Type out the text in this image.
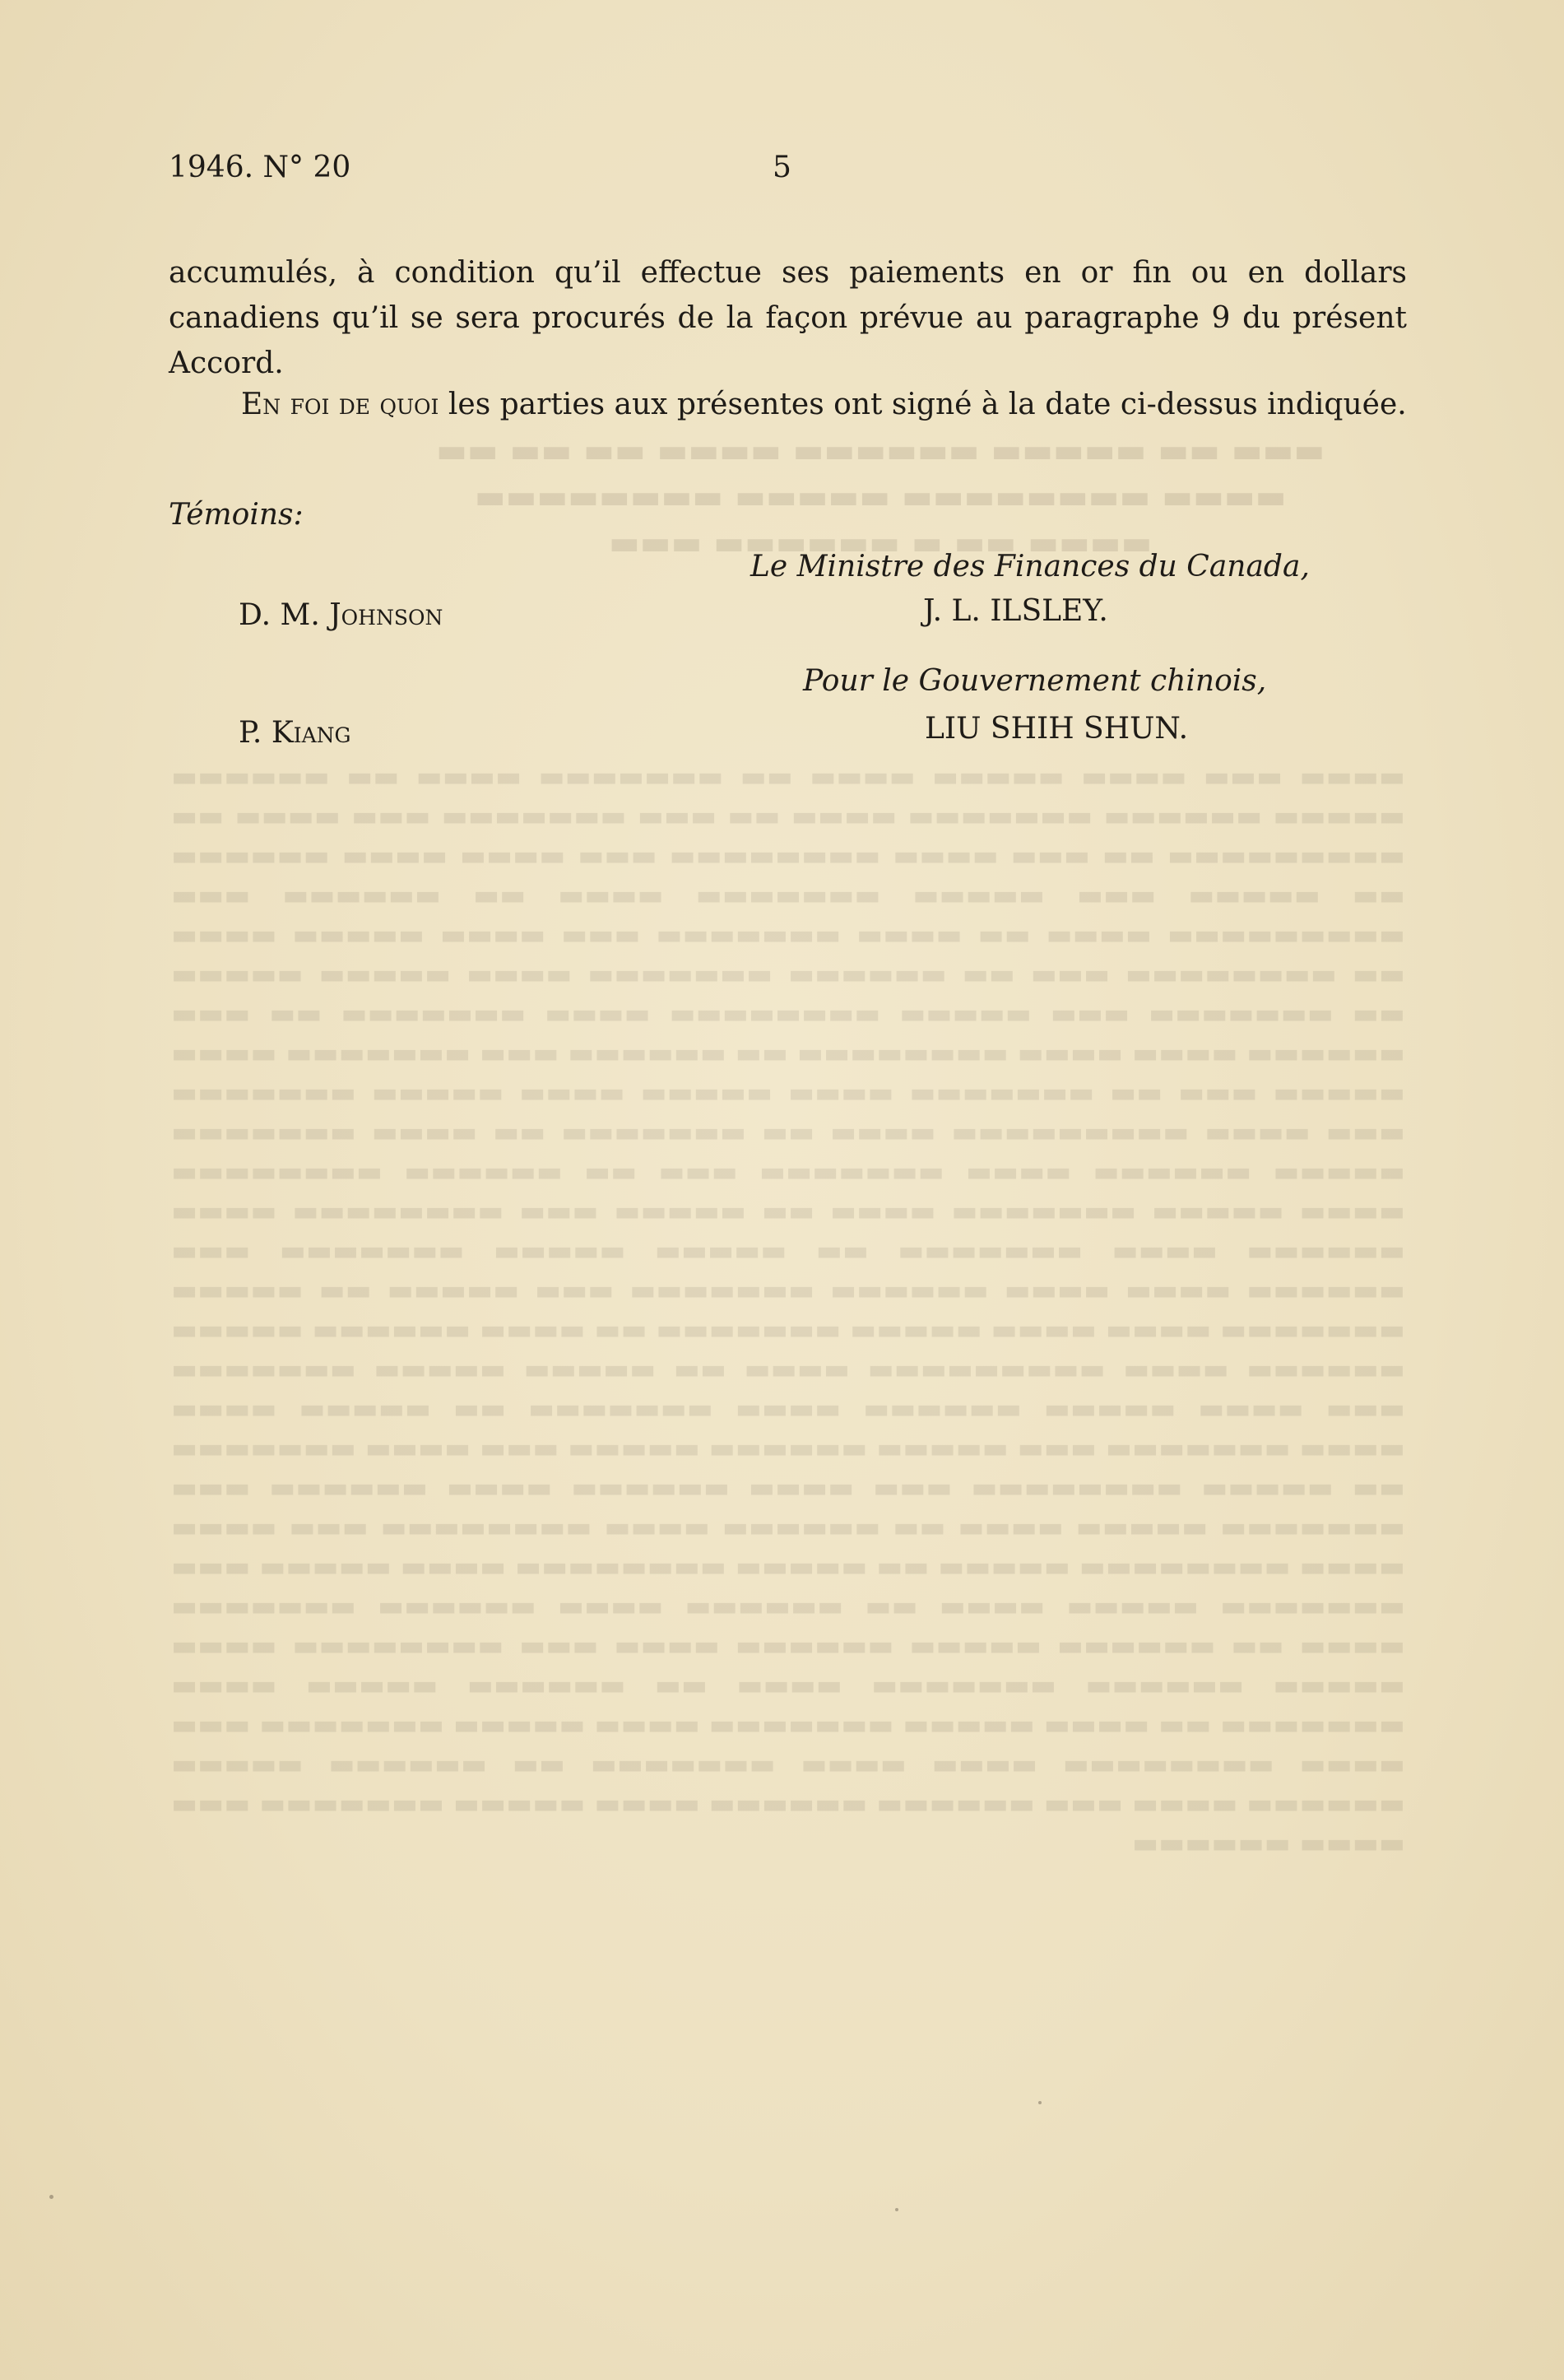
▬▬▬ ▬▬ ▬▬▬▬▬ ▬▬▬▬▬▬ ▬▬▬▬ ▬▬ ▬▬ ▬▬
▬▬▬▬ ▬▬▬▬▬▬▬▬ ▬▬▬▬▬ ▬▬▬▬▬▬▬▬
▬▬▬▬ ▬▬ ▬ ▬▬▬▬▬▬ ▬▬▬
▬▬▬▬ ▬▬▬ ▬▬▬▬ ▬▬▬▬▬ ▬▬▬▬ ▬▬ ▬▬▬▬▬▬▬ ▬▬▬▬ ▬▬ ▬▬▬▬▬▬ ▬▬▬▬▬ ▬▬▬▬▬▬ ▬▬▬▬▬▬▬ ▬▬▬▬ ▬▬ ▬▬▬ ▬▬▬▬▬▬▬ ▬▬▬ ▬▬▬▬ ▬▬ ▬▬▬▬▬▬▬▬▬ ▬▬ ▬▬▬ ▬▬▬▬ ▬▬▬▬▬▬▬▬ ▬▬▬ ▬▬▬▬ ▬▬▬▬ ▬▬▬▬▬▬ ▬▬ ▬▬▬▬▬ ▬▬▬ ▬▬▬▬▬ ▬▬▬▬▬▬▬ ▬▬▬▬ ▬▬ ▬▬▬▬▬▬ ▬▬▬ ▬▬▬▬▬▬▬▬▬ ▬▬▬▬ ▬▬ ▬▬▬▬ ▬▬▬▬▬▬▬ ▬▬▬ ▬▬▬▬ ▬▬▬▬▬ ▬▬▬▬ ▬▬ ▬▬▬▬▬▬▬▬ ▬▬▬ ▬▬ ▬▬▬▬▬▬ ▬▬▬▬▬▬▬ ▬▬▬▬ ▬▬▬▬▬ ▬▬▬▬▬ ▬▬ ▬▬▬▬▬▬▬ ▬▬▬ ▬▬▬▬▬ ▬▬▬▬▬▬▬▬ ▬▬▬▬ ▬▬▬▬▬▬▬ ▬▬ ▬▬▬ ▬▬▬▬▬▬ ▬▬▬▬ ▬▬▬▬ ▬▬▬▬▬▬▬▬ ▬▬ ▬▬▬▬▬▬ ▬▬▬ ▬▬▬▬▬▬▬ ▬▬▬▬ ▬▬▬▬▬ ▬▬▬ ▬▬ ▬▬▬▬▬▬▬ ▬▬▬▬ ▬▬▬▬▬ ▬▬▬▬ ▬▬▬▬▬ ▬▬▬▬▬▬▬ ▬▬▬ ▬▬▬▬ ▬▬▬▬▬▬▬▬▬ ▬▬▬▬ ▬▬ ▬▬▬▬▬▬▬ ▬▬ ▬▬▬▬ ▬▬▬▬▬▬▬ ▬▬▬▬▬ ▬▬▬▬▬▬ ▬▬▬▬ ▬▬▬▬▬▬▬ ▬▬▬ ▬▬ ▬▬▬▬▬▬ ▬▬▬▬▬▬▬▬ ▬▬▬▬ ▬▬▬▬▬ ▬▬▬▬▬▬▬ ▬▬▬▬ ▬▬ ▬▬▬▬▬ ▬▬▬ ▬▬▬▬▬▬▬▬ ▬▬▬▬ ▬▬▬▬▬▬ ▬▬▬▬ ▬▬▬▬▬▬▬ ▬▬ ▬▬▬▬▬ ▬▬▬▬▬ ▬▬▬▬▬▬▬ ▬▬▬ ▬▬▬▬▬▬ ▬▬▬▬ ▬▬▬▬ ▬▬▬▬▬▬ ▬▬▬▬▬▬▬ ▬▬▬ ▬▬▬▬▬ ▬▬ ▬▬▬▬▬ ▬▬▬▬▬▬▬ ▬▬▬▬ ▬▬▬▬ ▬▬▬▬▬ ▬▬▬▬▬▬▬ ▬▬ ▬▬▬▬ ▬▬▬▬▬▬ ▬▬▬▬▬ ▬▬▬▬▬▬ ▬▬▬▬ ▬▬▬▬▬▬▬▬▬ ▬▬▬▬ ▬▬ ▬▬▬▬▬ ▬▬▬▬▬ ▬▬▬▬▬▬▬ ▬▬▬ ▬▬▬▬ ▬▬▬▬▬ ▬▬▬▬▬▬ ▬▬▬▬ ▬▬▬▬▬▬▬ ▬▬ ▬▬▬▬▬ ▬▬▬▬ ▬▬▬▬ ▬▬▬▬▬▬▬ ▬▬▬ ▬▬▬▬▬ ▬▬▬▬▬▬ ▬▬▬▬▬ ▬▬▬ ▬▬▬▬ ▬▬▬▬▬▬▬ ▬▬ ▬▬▬▬▬ ▬▬▬▬▬▬▬▬ ▬▬▬ ▬▬▬▬ ▬▬▬▬▬▬ ▬▬▬▬ ▬▬▬▬▬▬ ▬▬▬ ▬▬▬▬▬▬▬ ▬▬▬▬▬ ▬▬▬▬ ▬▬ ▬▬▬▬▬▬ ▬▬▬▬ ▬▬▬▬▬▬▬▬ ▬▬▬ ▬▬▬▬ ▬▬▬▬ ▬▬▬▬▬▬▬▬ ▬▬▬▬▬ ▬▬ ▬▬▬▬▬ ▬▬▬▬▬▬▬▬ ▬▬▬▬ ▬▬▬▬▬ ▬▬▬ ▬▬▬▬▬▬▬ ▬▬▬▬▬ ▬▬▬▬ ▬▬ ▬▬▬▬▬▬ ▬▬▬▬ ▬▬▬▬▬▬ ▬▬▬▬▬▬▬ ▬▬▬▬ ▬▬ ▬▬▬▬▬▬ ▬▬▬▬▬ ▬▬▬▬▬▬ ▬▬▬▬ ▬▬▬ ▬▬▬▬▬▬▬▬ ▬▬▬▬ ▬▬▬▬▬ ▬▬▬▬▬▬ ▬▬▬▬▬▬▬ ▬▬▬▬ ▬▬ ▬▬▬▬▬▬ ▬▬▬▬▬ ▬▬▬▬ ▬▬▬▬▬▬▬ ▬▬ ▬▬▬▬ ▬▬▬▬▬ ▬▬▬▬▬▬▬ ▬▬▬▬ ▬▬▬▬▬ ▬▬▬▬▬▬▬ ▬▬▬ ▬▬▬▬ ▬▬▬▬▬▬▬▬ ▬▬▬▬ ▬▬▬▬ ▬▬▬▬▬▬▬ ▬▬ ▬▬▬▬▬▬ ▬▬▬▬▬ ▬▬▬▬▬▬ ▬▬▬▬ ▬▬▬ ▬▬▬▬▬▬ ▬▬▬▬▬▬ ▬▬▬▬ ▬▬▬▬▬ ▬▬▬▬▬▬▬ ▬▬▬ ▬▬▬▬ ▬▬▬▬▬▬
1946. N° 20	5

accumulés, à condition qu’il effectue ses paiements en or fin ou en dollars canadiens qu’il se sera procurés de la façon prévue au paragraphe 9 du présent Accord.

En foi de quoi les parties aux présentes ont signé à la date ci-dessus indiquée.

Témoins:
Le Ministre des Finances du Canada,
D. M. Johnson	J. L. ILSLEY.
Pour le Gouvernement chinois,
P. Kiang	LIU SHIH SHUN.
